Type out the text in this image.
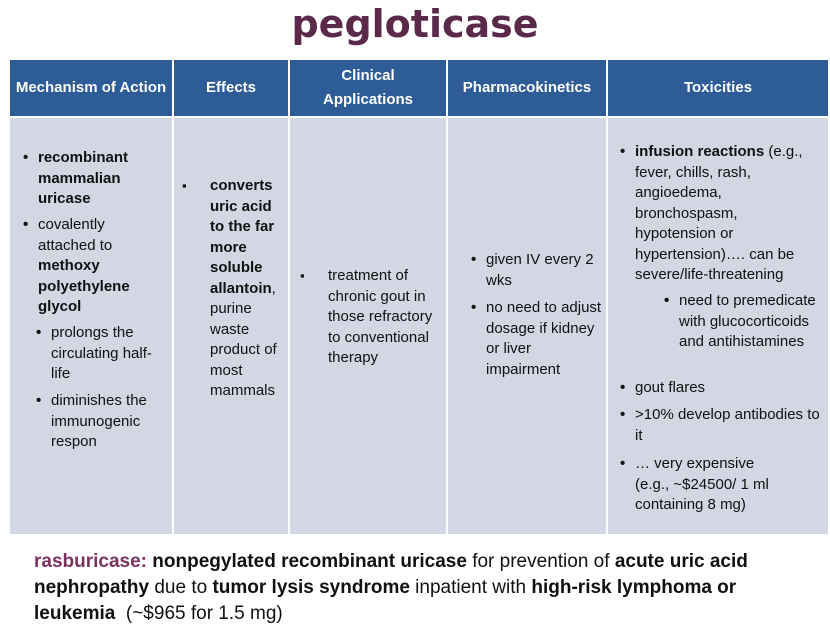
pegloticase
Mechanism of Action	Effects
Clinical Applications
Pharmacokinetics	Toxicities
• recombinant mammalian uricase
• covalently attached to methoxy polyethylene glycol
• prolongs the circulating half-life
• diminishes the immunogenic respon
▪ converts uric acid to the far more soluble allantoin, purine waste product of most mammals
▪ treatment of chronic gout in those refractory to conventional therapy
• given IV every 2 wks
• no need to adjust dosage if kidney or liver impairment
• infusion reactions (e.g., fever, chills, rash, angioedema, bronchospasm, hypotension or hypertension)…. can be severe/life-threatening
• need to premedicate with glucocorticoids and antihistamines
• gout flares
• >10% develop antibodies to it
• … very expensive (e.g., ~$24500/ 1 ml containing 8 mg)
rasburicase: nonpegylated recombinant uricase for prevention of acute uric acid nephropathy due to tumor lysis syndrome inpatient with high-risk lymphoma or leukemia  (~$965 for 1.5 mg)
